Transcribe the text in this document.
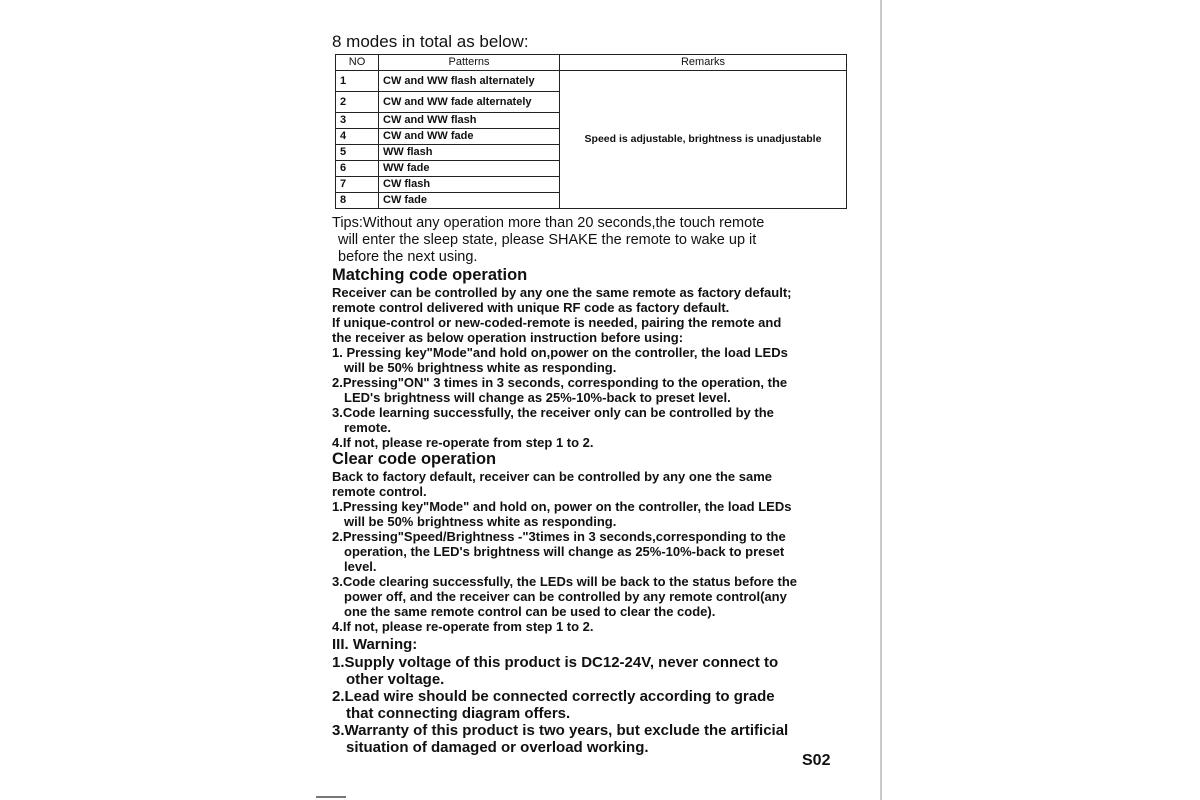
8 modes in total as below:

NO	Patterns	Remarks
1	CW and WW flash alternately	Speed is adjustable, brightness is unadjustable
2	CW and WW fade alternately	
3	CW and WW flash	
4	CW and WW fade	
5	WW flash	
6	WW fade	
7	CW flash	
8	CW fade	
Tips:Without any operation more than 20 seconds,the touch remote
will enter the sleep state, please SHAKE the remote to wake up it
before the next using.
Matching code operation
Receiver can be controlled by any one the same remote as factory default;
remote control delivered with unique RF code as factory default.
If unique-control or new-coded-remote is needed, pairing the remote and
the receiver as below operation instruction before using:
1. Pressing key"Mode"and hold on,power on the controller, the load LEDs
will be 50% brightness white as responding.
2.Pressing"ON" 3 times in 3 seconds, corresponding to the operation, the
LED's brightness will change as 25%-10%-back to preset level.
3.Code learning successfully, the receiver only can be controlled by the
remote.
4.If not, please re-operate from step 1 to 2.
Clear code operation
Back to factory default, receiver can be controlled by any one the same
remote control.
1.Pressing key"Mode" and hold on, power on the controller, the load LEDs
will be 50% brightness white as responding.
2.Pressing"Speed/Brightness -"3times in 3 seconds,corresponding to the
operation, the LED's brightness will change as 25%-10%-back to preset
level.
3.Code clearing successfully, the LEDs will be back to the status before the
power off, and the receiver can be controlled by any remote control(any
one the same remote control can be used to clear the code).
4.If not, please re-operate from step 1 to 2.
III. Warning:
1.Supply voltage of this product is DC12-24V, never connect to
other voltage.
2.Lead wire should be connected correctly according to grade
that connecting diagram offers.
3.Warranty of this product is two years, but exclude the artificial
situation of damaged or overload working.
S02
